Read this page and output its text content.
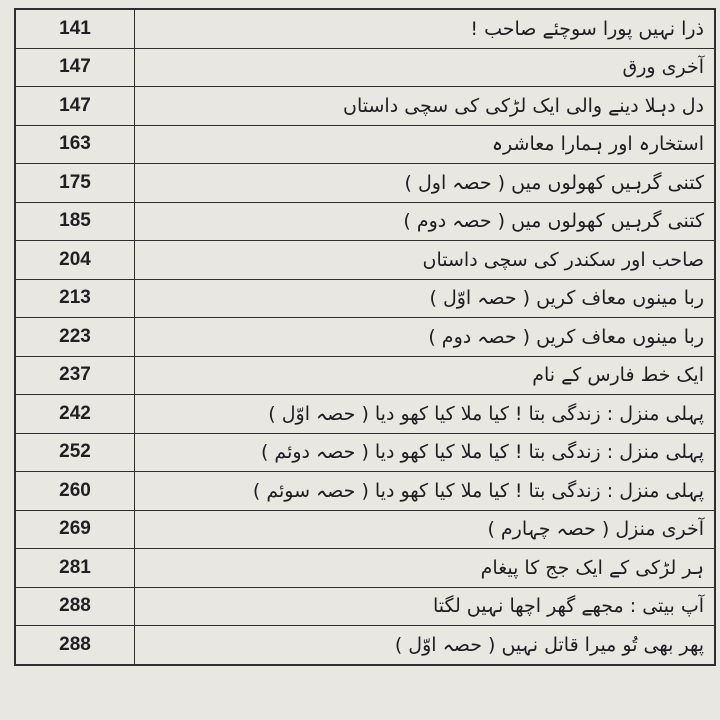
141	ذرا نہیں پورا سوچئے صاحب !
147	آخری ورق
147	دل دہلا دینے والی ایک لڑکی کی سچی داستاں
163	استخارہ اور ہمارا معاشرہ
175	کتنی گرہیں کھولوں میں ( حصہ اول )
185	کتنی گرہیں کھولوں میں ( حصہ دوم )
204	صاحب اور سکندر کی سچی داستاں
213	ربا مینوں معاف کریں ( حصہ اوّل )
223	ربا مینوں معاف کریں ( حصہ دوم )
237	ایک خط فارس کے نام
242	پہلی منزل : زندگی بتا ! کیا ملا کیا کھو دیا ( حصہ اوّل )
252	پہلی منزل : زندگی بتا ! کیا ملا کیا کھو دیا ( حصہ دوئم )
260	پہلی منزل : زندگی بتا ! کیا ملا کیا کھو دیا ( حصہ سوئم )
269	آخری منزل ( حصہ چہارم )
281	ہر لڑکی کے ایک جج کا پیغام
288	آپ بیتی : مجھے گھر اچھا نہیں لگتا
288	پھر بھی تُو میرا قاتل نہیں ( حصہ اوّل )
